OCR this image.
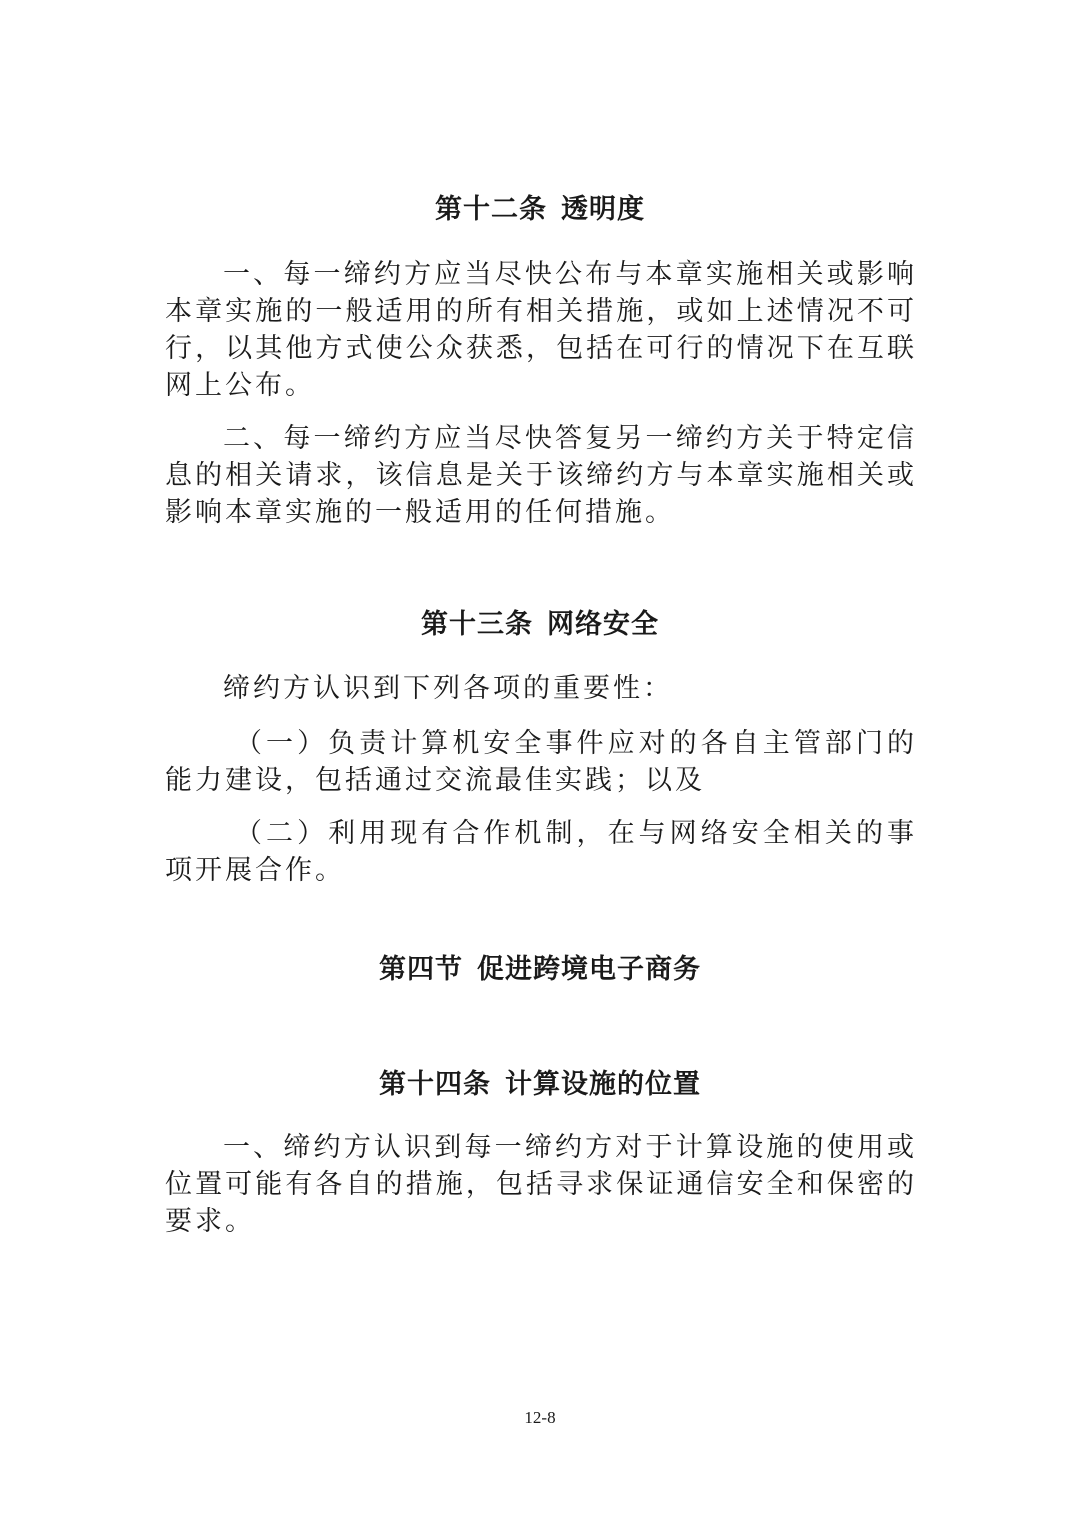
第十二条 透明度

一、每一缔约方应当尽快公布与本章实施相关或影响本章实施的一般适用的所有相关措施，或如上述情况不可行，以其他方式使公众获悉，包括在可行的情况下在互联网上公布。

二、每一缔约方应当尽快答复另一缔约方关于特定信息的相关请求，该信息是关于该缔约方与本章实施相关或影响本章实施的一般适用的任何措施。

第十三条 网络安全

缔约方认识到下列各项的重要性：

（一）负责计算机安全事件应对的各自主管部门的能力建设，包括通过交流最佳实践；以及

（二）利用现有合作机制，在与网络安全相关的事项开展合作。

第四节 促进跨境电子商务
第十四条 计算设施的位置

一、缔约方认识到每一缔约方对于计算设施的使用或位置可能有各自的措施，包括寻求保证通信安全和保密的要求。

12-8
